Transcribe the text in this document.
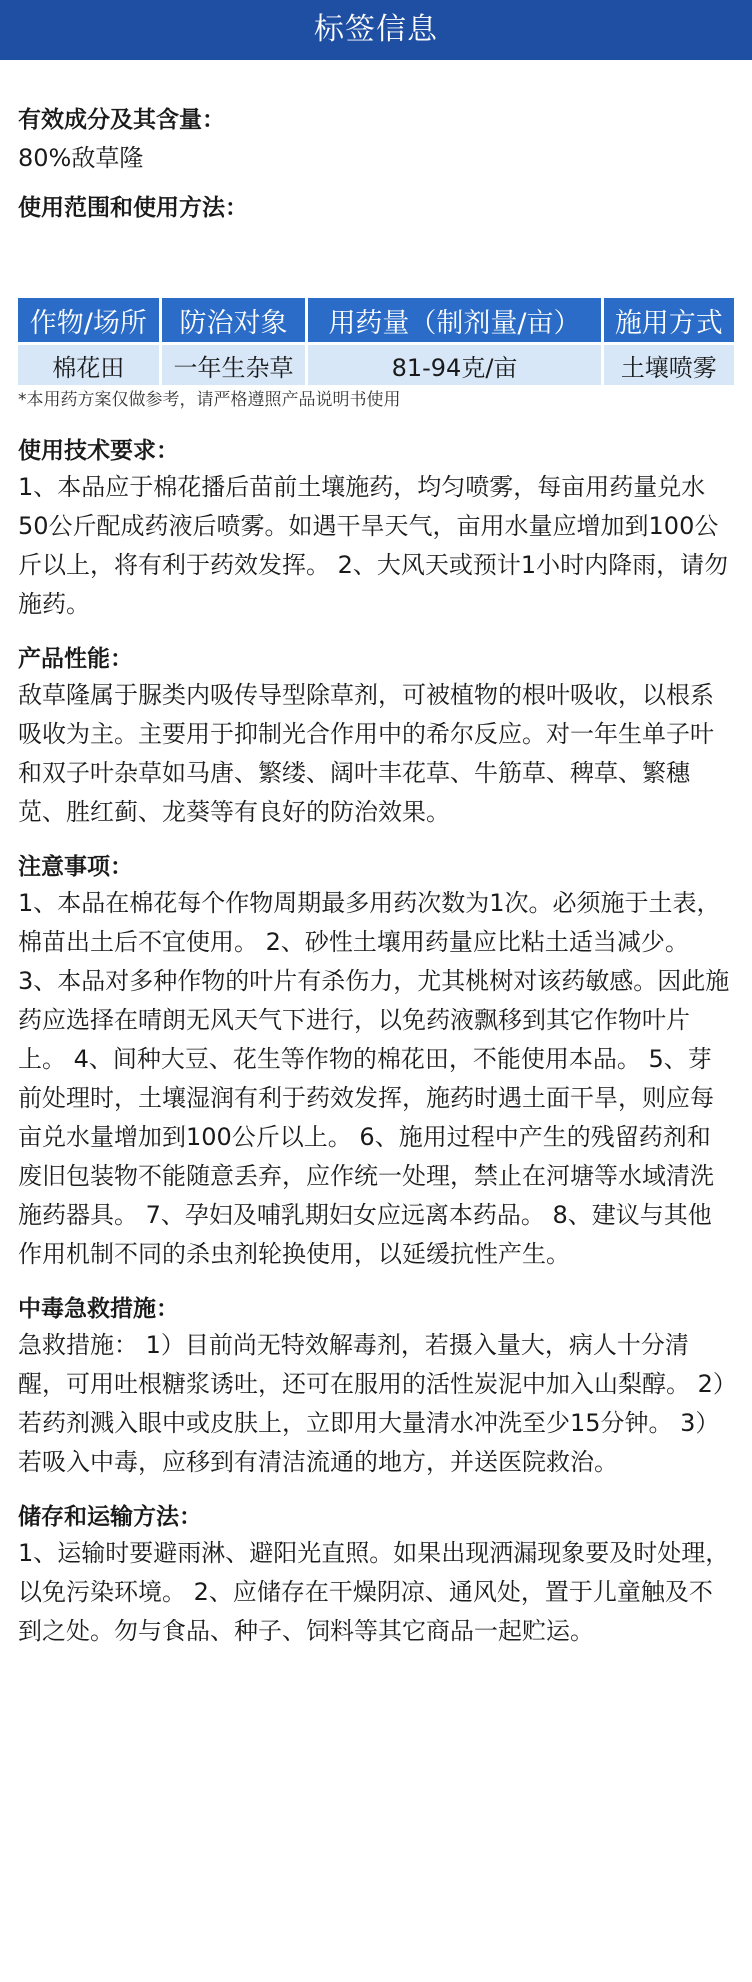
标签信息
有效成分及其含量：

80%敌草隆

使用范围和使用方法：
作物/场所	防治对象	用药量（制剂量/亩）	施用方式
棉花田	一年生杂草	81-94克/亩	土壤喷雾

*本用药方案仅做参考，请严格遵照产品说明书使用

使用技术要求：

1、本品应于棉花播后苗前土壤施药，均匀喷雾，每亩用药量兑水50公斤配成药液后喷雾。如遇干旱天气，亩用水量应增加到100公斤以上，将有利于药效发挥。 2、大风天或预计1小时内降雨，请勿施药。

产品性能：

敌草隆属于脲类内吸传导型除草剂，可被植物的根叶吸收，以根系吸收为主。主要用于抑制光合作用中的希尔反应。对一年生单子叶和双子叶杂草如马唐、繁缕、阔叶丰花草、牛筋草、稗草、繁穗苋、胜红蓟、龙葵等有良好的防治效果。

注意事项：

1、本品在棉花每个作物周期最多用药次数为1次。必须施于土表，棉苗出土后不宜使用。 2、砂性土壤用药量应比粘土适当减少。 3、本品对多种作物的叶片有杀伤力，尤其桃树对该药敏感。因此施药应选择在晴朗无风天气下进行，以免药液飘移到其它作物叶片上。 4、间种大豆、花生等作物的棉花田，不能使用本品。 5、芽前处理时，土壤湿润有利于药效发挥，施药时遇土面干旱，则应每亩兑水量增加到100公斤以上。 6、施用过程中产生的残留药剂和废旧包装物不能随意丢弃，应作统一处理，禁止在河塘等水域清洗施药器具。 7、孕妇及哺乳期妇女应远离本药品。 8、建议与其他作用机制不同的杀虫剂轮换使用，以延缓抗性产生。

中毒急救措施：

急救措施： 1）目前尚无特效解毒剂，若摄入量大，病人十分清醒，可用吐根糖浆诱吐，还可在服用的活性炭泥中加入山梨醇。 2）若药剂溅入眼中或皮肤上，立即用大量清水冲洗至少15分钟。 3）若吸入中毒，应移到有清洁流通的地方，并送医院救治。

储存和运输方法：

1、运输时要避雨淋、避阳光直照。如果出现洒漏现象要及时处理，以免污染环境。 2、应储存在干燥阴凉、通风处，置于儿童触及不到之处。勿与食品、种子、饲料等其它商品一起贮运。
